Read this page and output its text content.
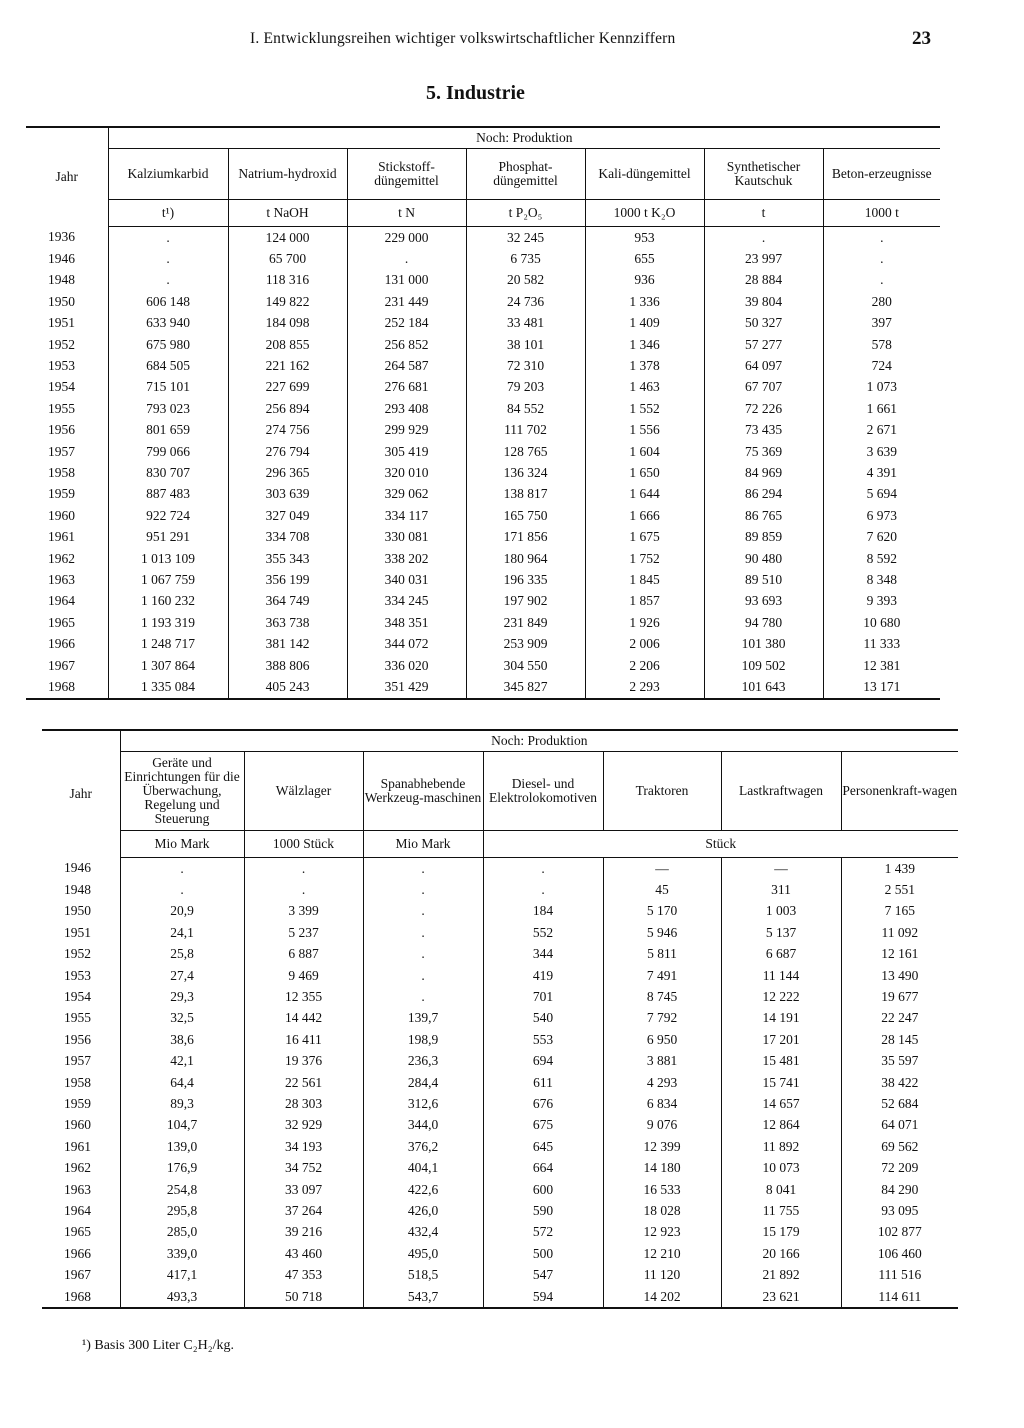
I. Entwicklungsreihen wichtiger volkswirtschaftlicher Kennziffern	23
5. Industrie
Jahr	Noch: Produktion						
	Kalziumkarbid	Natrium-hydroxid	Stickstoff-düngemittel	Phosphat-düngemittel	Kali-düngemittel	Synthetischer Kautschuk	Beton-erzeugnisse
	t¹)	t NaOH	t N	t P₂O₅	1000 t K₂O	t	1000 t
1936	.	124 000	229 000	32 245	953	.	.
1946	.	65 700	.	6 735	655	23 997	.
1948	.	118 316	131 000	20 582	936	28 884	.
1950	606 148	149 822	231 449	24 736	1 336	39 804	280
1951	633 940	184 098	252 184	33 481	1 409	50 327	397
1952	675 980	208 855	256 852	38 101	1 346	57 277	578
1953	684 505	221 162	264 587	72 310	1 378	64 097	724
1954	715 101	227 699	276 681	79 203	1 463	67 707	1 073
1955	793 023	256 894	293 408	84 552	1 552	72 226	1 661
1956	801 659	274 756	299 929	111 702	1 556	73 435	2 671
1957	799 066	276 794	305 419	128 765	1 604	75 369	3 639
1958	830 707	296 365	320 010	136 324	1 650	84 969	4 391
1959	887 483	303 639	329 062	138 817	1 644	86 294	5 694
1960	922 724	327 049	334 117	165 750	1 666	86 765	6 973
1961	951 291	334 708	330 081	171 856	1 675	89 859	7 620
1962	1 013 109	355 343	338 202	180 964	1 752	90 480	8 592
1963	1 067 759	356 199	340 031	196 335	1 845	89 510	8 348
1964	1 160 232	364 749	334 245	197 902	1 857	93 693	9 393
1965	1 193 319	363 738	348 351	231 849	1 926	94 780	10 680
1966	1 248 717	381 142	344 072	253 909	2 006	101 380	11 333
1967	1 307 864	388 806	336 020	304 550	2 206	109 502	12 381
1968	1 335 084	405 243	351 429	345 827	2 293	101 643	13 171
Jahr	Noch: Produktion						
	Geräte und Einrichtungen für die Überwachung, Regelung und Steuerung	Wälzlager	Spanabhebende Werkzeug-maschinen	Diesel- und Elektrolokomotiven	Traktoren	Lastkraftwagen	Personenkraft-wagen
	Mio Mark	1000 Stück	Mio Mark	Stück			
1946	.	.	.	.	—	—	1 439
1948	.	.	.	.	45	311	2 551
1950	20,9	3 399	.	184	5 170	1 003	7 165
1951	24,1	5 237	.	552	5 946	5 137	11 092
1952	25,8	6 887	.	344	5 811	6 687	12 161
1953	27,4	9 469	.	419	7 491	11 144	13 490
1954	29,3	12 355	.	701	8 745	12 222	19 677
1955	32,5	14 442	139,7	540	7 792	14 191	22 247
1956	38,6	16 411	198,9	553	6 950	17 201	28 145
1957	42,1	19 376	236,3	694	3 881	15 481	35 597
1958	64,4	22 561	284,4	611	4 293	15 741	38 422
1959	89,3	28 303	312,6	676	6 834	14 657	52 684
1960	104,7	32 929	344,0	675	9 076	12 864	64 071
1961	139,0	34 193	376,2	645	12 399	11 892	69 562
1962	176,9	34 752	404,1	664	14 180	10 073	72 209
1963	254,8	33 097	422,6	600	16 533	8 041	84 290
1964	295,8	37 264	426,0	590	18 028	11 755	93 095
1965	285,0	39 216	432,4	572	12 923	15 179	102 877
1966	339,0	43 460	495,0	500	12 210	20 166	106 460
1967	417,1	47 353	518,5	547	11 120	21 892	111 516
1968	493,3	50 718	543,7	594	14 202	23 621	114 611
¹) Basis 300 Liter C₂H₂/kg.
